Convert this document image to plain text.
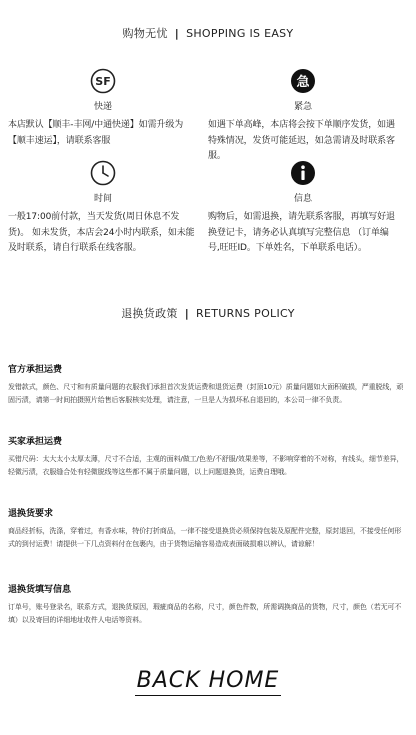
购物无忧 | SHOPPING IS EASY
SF
快递
本店默认【顺丰-丰网/中通快递】如需升级为【顺丰速运】，请联系客服
急
紧急
如遇下单高峰，本店将会按下单顺序发货，如遇特殊情况，发货可能延迟，如急需请及时联系客服。
时间
一般17:00前付款，当天发货(周日休息不发货)。 如未发货，本店会24小时内联系，如未能及时联系，请自行联系在线客服。
信息
购物后，如需退换，请先联系客服，再填写好退换登记卡，请务必认真填写完整信息 （订单编号,旺旺ID。下单姓名，下单联系电话）。
退换货政策 | RETURNS POLICY
官方承担运费
发错款式，颜色、尺寸和有质量问题的衣服我们承担首次发货运费和退货运费（封顶10元）质量问题如大面积破损，严重脱线，顽固污渍，请第一时间拍摄照片给售后客服核实处理，请注意，一旦是人为损坏私自退回的，本公司一律不负责。
买家承担运费
买错尺码：太大太小太厚太薄，尺寸不合适，主观的面料/做工/色差/不舒服/效果差等，不影响穿着的不对称，有线头，细节差异，轻微污渍，衣服缝合处有轻微脱线等这些都不属于质量问题，以上问题退换货，运费自理哦。
退换货要求
商品经折标，洗涤，穿着过，有香水味，特价打折商品，一律不接受退换货必须保持包装及原配件完整，原封退回，不接受任何形式的到付运费！请提供一下几点资料付在包裹内，由于货物运输容易造成表面破损难以辨认，请谅解！
退换货填写信息
订单号，账号登录名，联系方式，退换货原因，瑕疵商品的名称，尺寸，颜色件数，所需调换商品的货物，尺寸，颜色（若无可不填）以及寄回的详细地址收件人电话等资料。
BACK HOME
